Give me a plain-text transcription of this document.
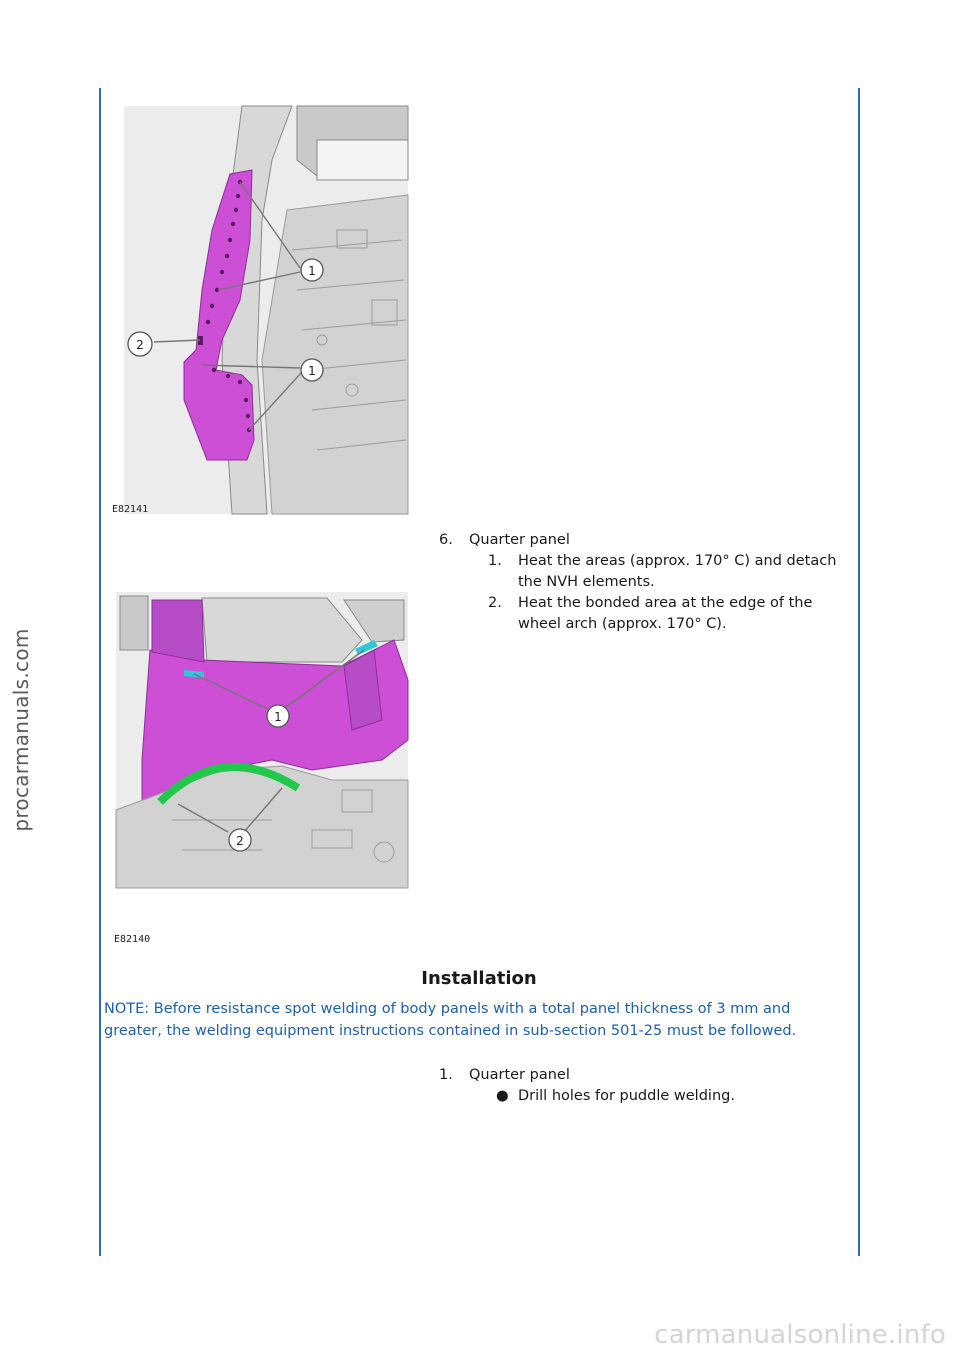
procarmanuals.com
1
1
2
E82141
1
2
E82140
6. Quarter panel
1. Heat the areas (approx. 170° C) and detach the NVH elements.
2. Heat the bonded area at the edge of the wheel arch (approx. 170° C).
Installation
NOTE: Before resistance spot welding of body panels with a total panel thickness of 3 mm and greater, the welding equipment instructions contained in sub-section 501-25 must be followed.
1. Quarter panel
● Drill holes for puddle welding.
carmanualsonline.info
